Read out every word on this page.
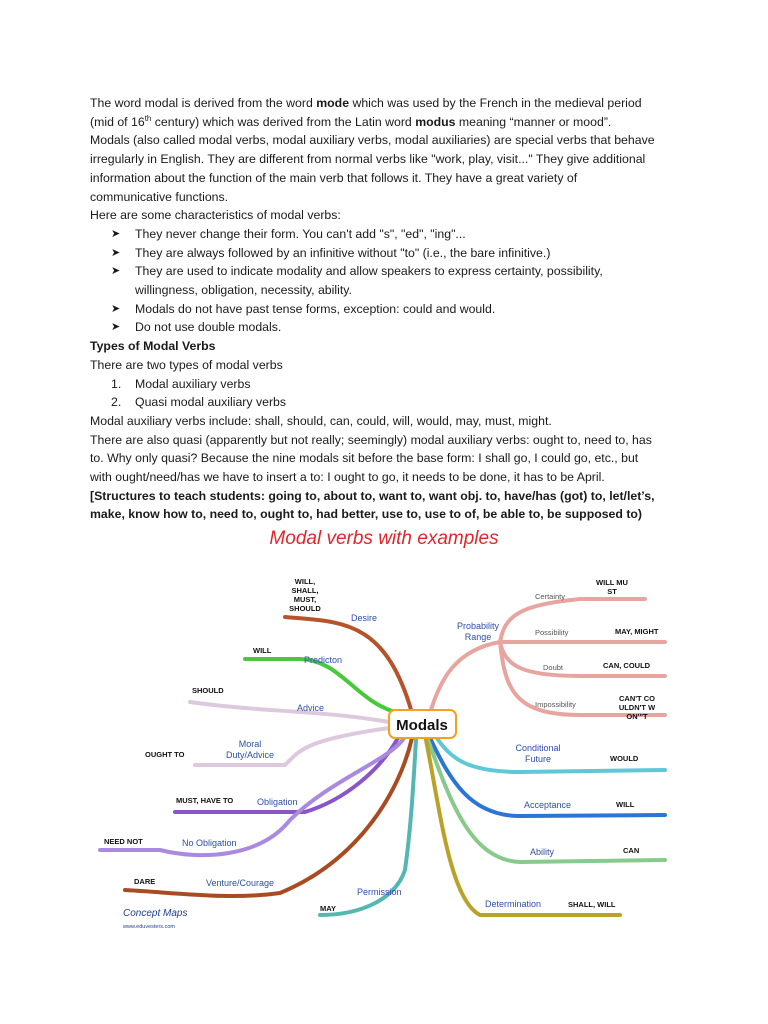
The word modal is derived from the word mode which was used by the French in the medieval period

(mid of 16th century) which was derived from the Latin word modus meaning “manner or mood”.

Modals (also called modal verbs, modal auxiliary verbs, modal auxiliaries) are special verbs that behave

irregularly in English. They are different from normal verbs like "work, play, visit..." They give additional

information about the function of the main verb that follows it. They have a great variety of

communicative functions.

Here are some characteristics of modal verbs:

➤ They never change their form. You can't add "s", "ed", "ing"...
➤ They are always followed by an infinitive without "to" (i.e., the bare infinitive.)
➤ They are used to indicate modality and allow speakers to express certainty, possibility,
willingness, obligation, necessity, ability.
➤ Modals do not have past tense forms, exception: could and would.
➤ Do not use double modals.

Types of Modal Verbs

There are two types of modal verbs

1. Modal auxiliary verbs
2. Quasi modal auxiliary verbs

Modal auxiliary verbs include: shall, should, can, could, will, would, may, must, might.

There are also quasi (apparently but not really; seemingly) modal auxiliary verbs: ought to, need to, has

to. Why only quasi? Because the nine modals sit before the base form: I shall go, I could go, etc., but

with ought/need/has we have to insert a to: I ought to go, it needs to be done, it has to be April.

[Structures to teach students: going to, about to, want to, want obj. to, have/has (got) to, let/let’s,

make, know how to, need to, ought to, had better, use to, use to of, be able to, be supposed to)

Modal verbs with examples
Modals
Desire
Predicton
Advice
Moral
Duty/Advice
Obligation
No Obligation
Venture/Courage
Permission
WILL,
SHALL,
MUST,
SHOULD
WILL
SHOULD
OUGHT TO
MUST, HAVE TO
NEED NOT
DARE
MAY
Probability
Range
Conditional
Future
Acceptance
Ability
Determination
Certainty
Possibility
Doubt
Impossibility
WILL MU
ST
MAY, MIGHT
CAN, COULD
CAN'T CO
ULDN'T W
ON'"T
WOULD
WILL
CAN
SHALL, WILL
Concept Maps
www.eduvesters.com
